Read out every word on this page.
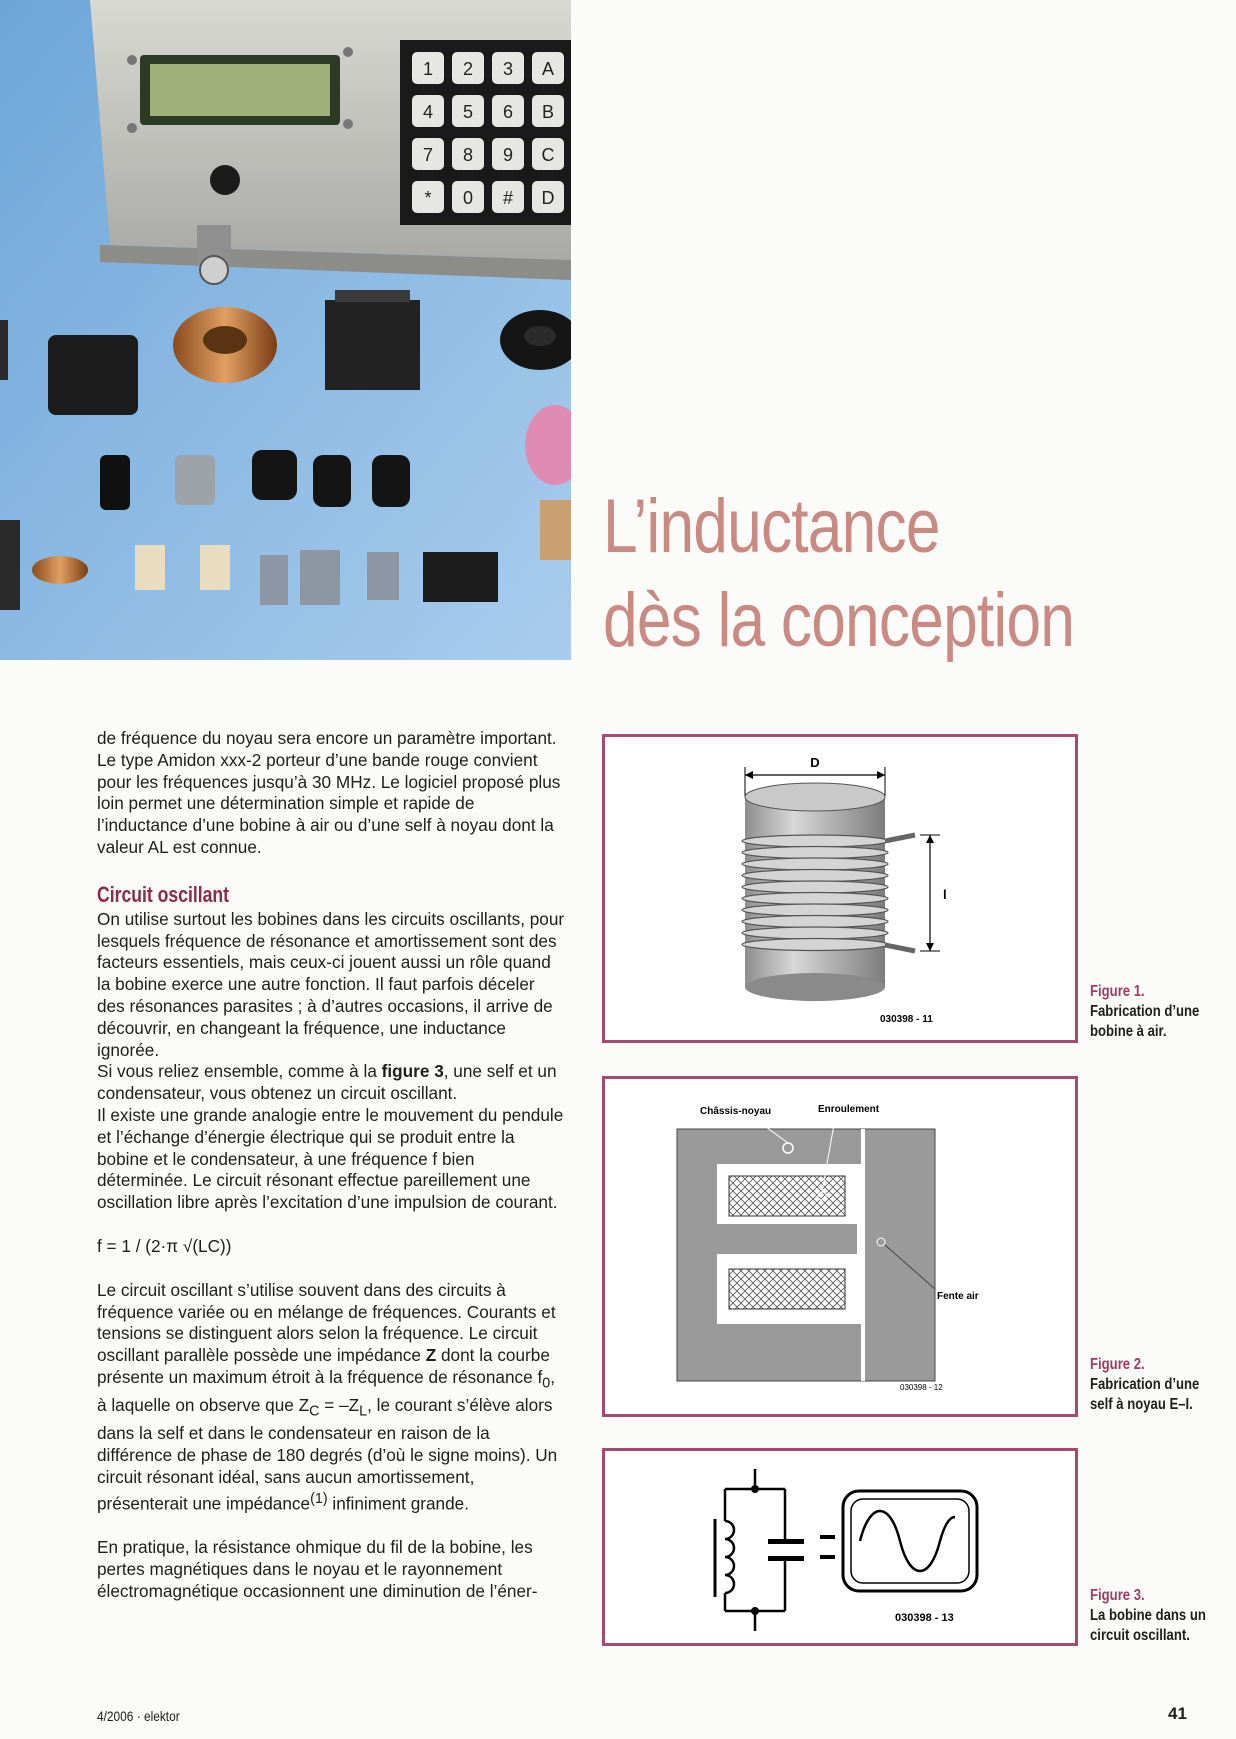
1 2 3 A
4 5 6 B
7 8 9 C
* 0 # D
L’inductance
dès la conception

de fréquence du noyau sera encore un paramètre important. Le type Amidon xxx-2 porteur d’une bande rouge convient pour les fréquences jusqu’à 30 MHz. Le logiciel proposé plus loin permet une détermination simple et rapide de l’inductance d’une bobine à air ou d’une self à noyau dont la valeur AL est connue.

Circuit oscillant

On utilise surtout les bobines dans les circuits oscillants, pour lesquels fréquence de résonance et amortissement sont des facteurs essentiels, mais ceux-ci jouent aussi un rôle quand la bobine exerce une autre fonction. Il faut parfois déceler des résonances parasites ; à d’autres occasions, il arrive de découvrir, en changeant la fréquence, une inductance ignorée.

Si vous reliez ensemble, comme à la figure 3, une self et un condensateur, vous obtenez un circuit oscillant.

Il existe une grande analogie entre le mouvement du pendule et l’échange d’énergie électrique qui se produit entre la bobine et le condensateur, à une fréquence f bien déterminée. Le circuit résonant effectue pareillement une oscillation libre après l’excitation d’une impulsion de courant.

f = 1 / (2·π √(LC))

Le circuit oscillant s’utilise souvent dans des circuits à fréquence variée ou en mélange de fréquences. Courants et tensions se distinguent alors selon la fréquence. Le circuit oscillant parallèle possède une impédance Z dont la courbe présente un maximum étroit à la fréquence de résonance $f_0$, à laquelle on observe que $Z_C = -Z_L$, le courant s’élève alors dans la self et dans le condensateur en raison de la différence de phase de 180 degrés (d’où le signe moins). Un circuit résonant idéal, sans aucun amortissement, présenterait une impédance$^{(1)}$ infiniment grande.

En pratique, la résistance ohmique du fil de la bobine, les pertes magnétiques dans le noyau et le rayonnement électromagnétique occasionnent une diminution de l’éner-

D
l
030398 - 11
Figure 1.
Fabrication d’une bobine à air.
Châssis-noyau	Enroulement
Fente air
030398 - 12
Figure 2.
Fabrication d’une self à noyau E–I.
030398 - 13
Figure 3.
La bobine dans un circuit oscillant.
4/2006 · elektor	41
